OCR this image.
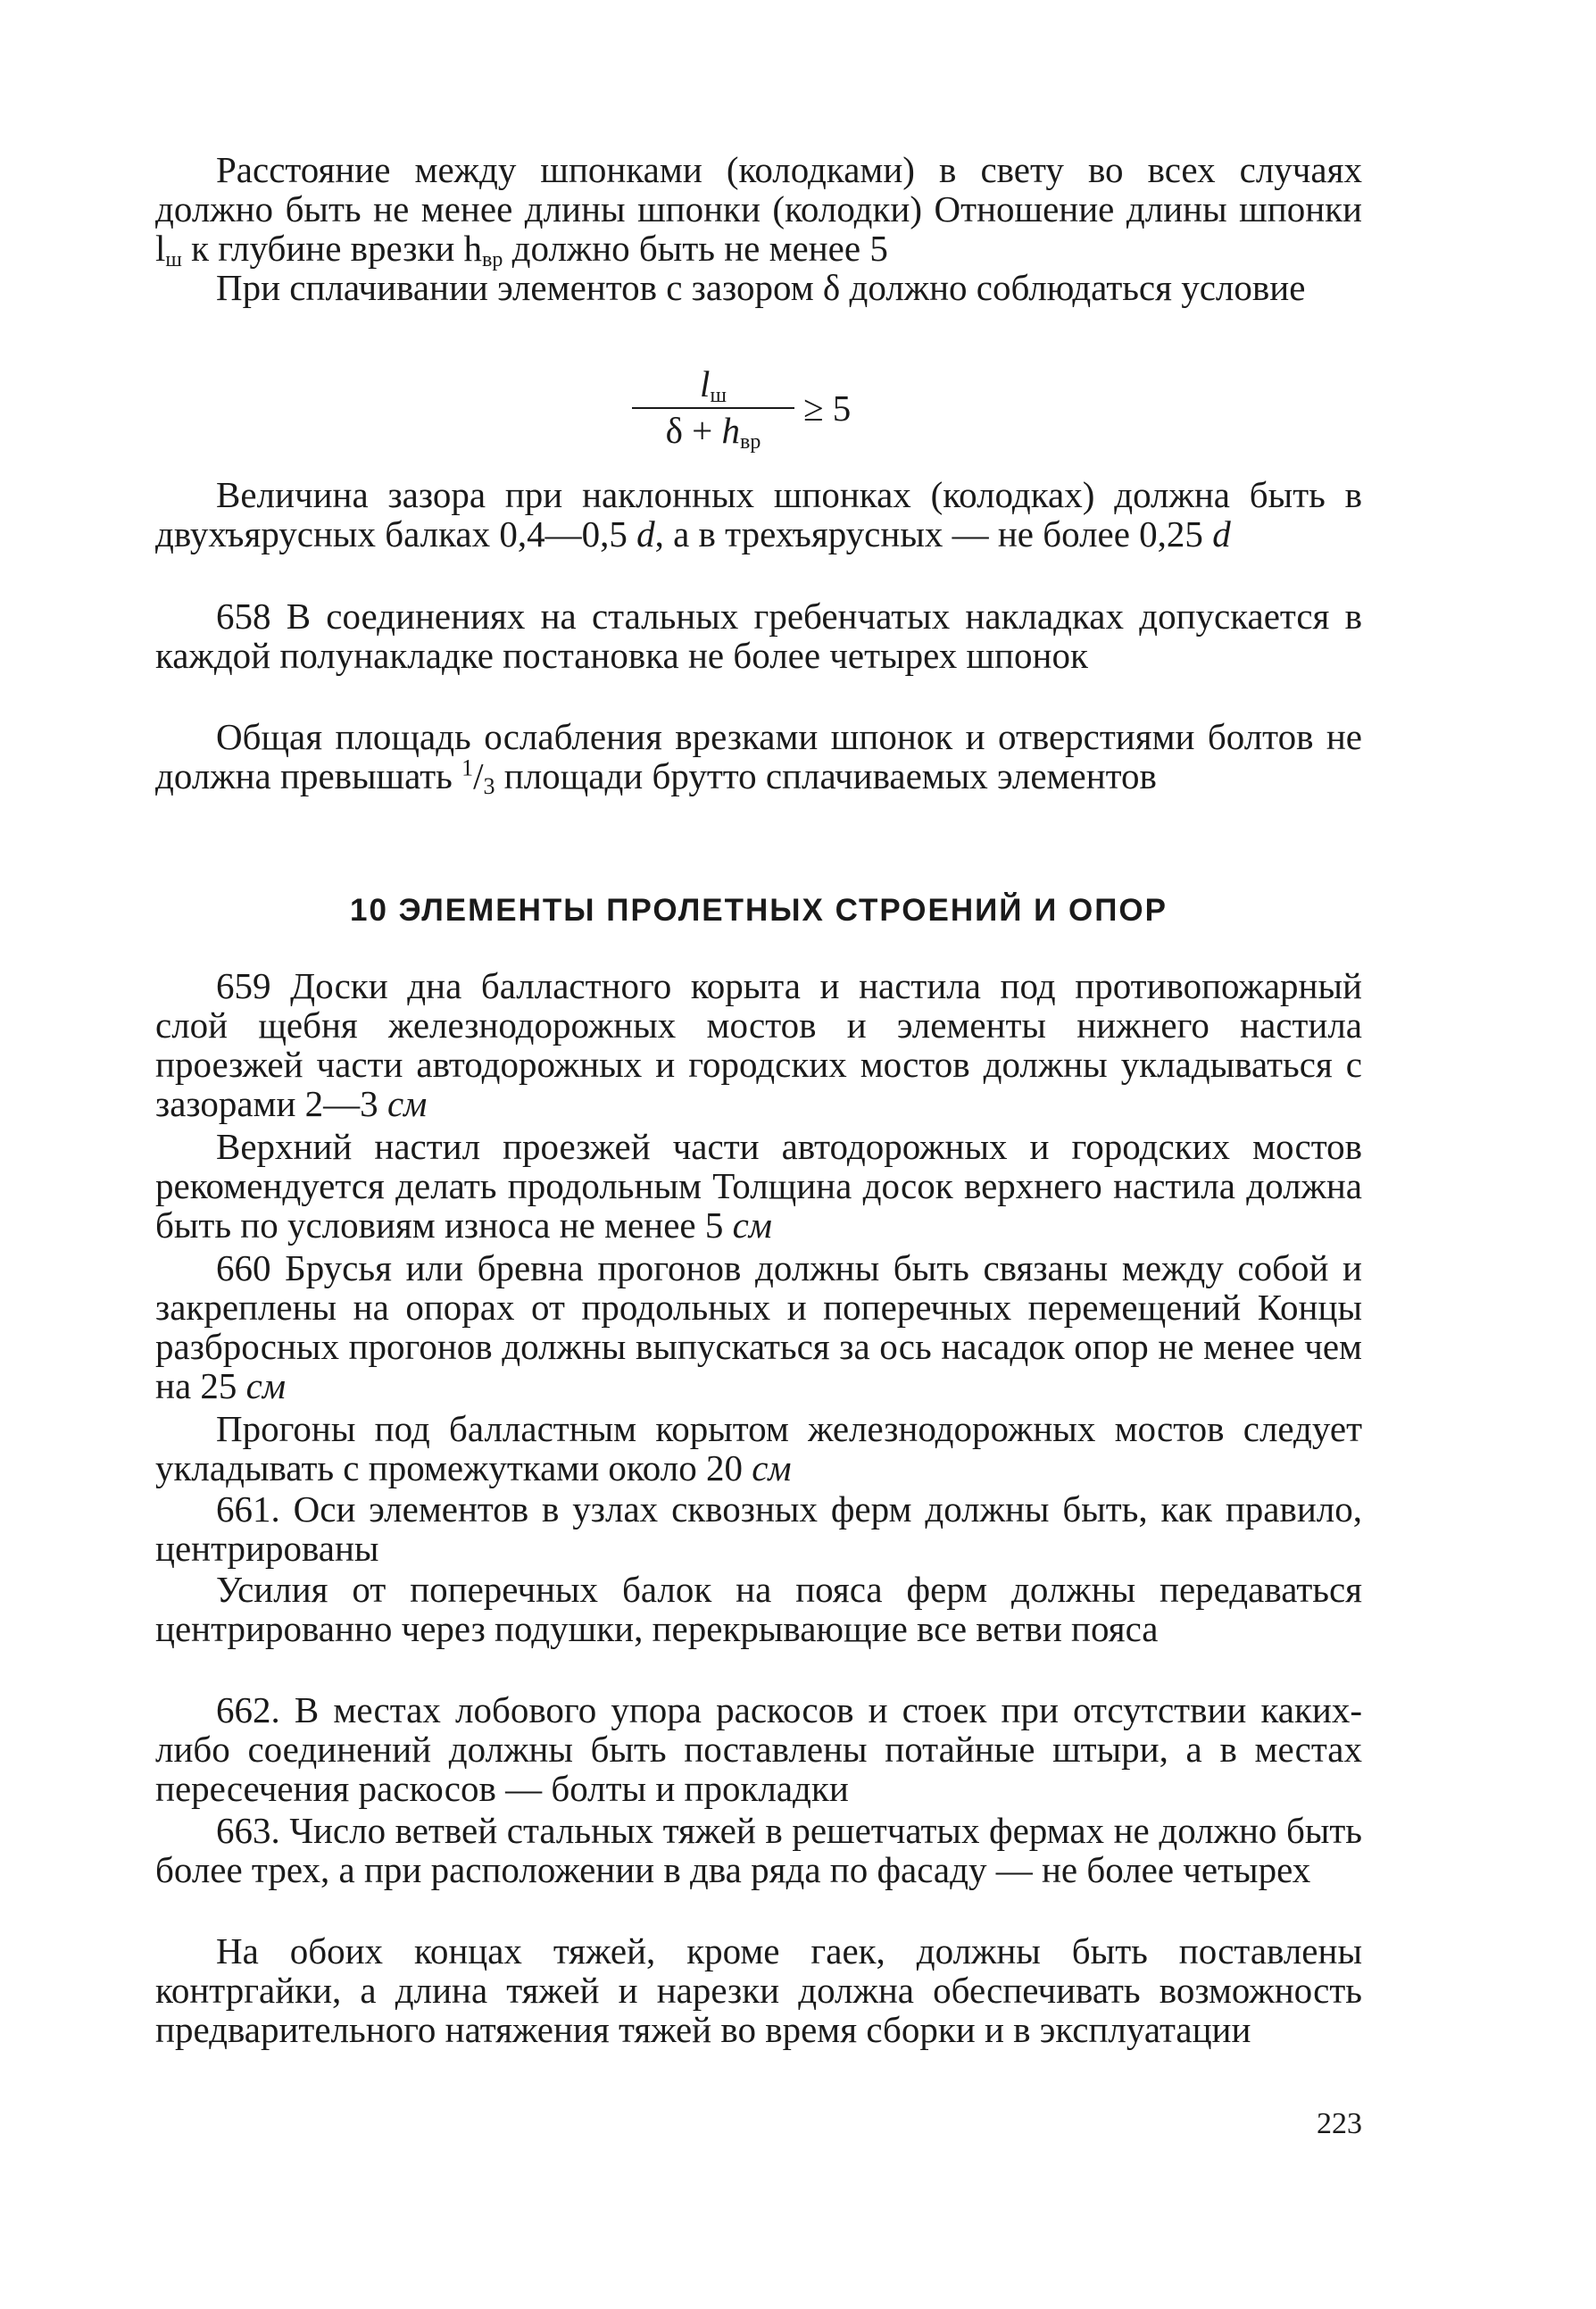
Расстояние между шпонками (колодками) в свету во всех случаях должно быть не менее длины шпонки (колодки) Отношение длины шпонки $l_ш$ к глубине врезки $h_{вр}$ должно быть не менее 5
При сплачивании элементов с зазором δ должно соблюдаться условие
$l_ш$
$\delta + h_{вр}$
≥ 5
Величина зазора при наклонных шпонках (колодках) должна быть в двухъярусных балках 0,4—0,5 d, а в трехъярусных — не более 0,25 d
658 В соединениях на стальных гребенчатых накладках допускается в каждой полунакладке постановка не более четырех шпонок
Общая площадь ослабления врезками шпонок и отверстиями болтов не должна превышать $^1/_3$ площади брутто сплачиваемых элементов
10 ЭЛЕМЕНТЫ ПРОЛЕТНЫХ СТРОЕНИЙ И ОПОР
659 Доски дна балластного корыта и настила под противопожарный слой щебня железнодорожных мостов и элементы нижнего настила проезжей части автодорожных и городских мостов должны укладываться с зазорами 2—3 см
Верхний настил проезжей части автодорожных и городских мостов рекомендуется делать продольным Толщина досок верхнего настила должна быть по условиям износа не менее 5 см
660 Брусья или бревна прогонов должны быть связаны между собой и закреплены на опорах от продольных и поперечных перемещений Концы разбросных прогонов должны выпускаться за ось насадок опор не менее чем на 25 см
Прогоны под балластным корытом железнодорожных мостов следует укладывать с промежутками около 20 см
661. Оси элементов в узлах сквозных ферм должны быть, как правило, центрированы
Усилия от поперечных балок на пояса ферм должны передаваться центрированно через подушки, перекрывающие все ветви пояса
662. В местах лобового упора раскосов и стоек при отсутствии каких-либо соединений должны быть поставлены потайные штыри, а в местах пересечения раскосов — болты и прокладки
663. Число ветвей стальных тяжей в решетчатых фермах не должно быть более трех, а при расположении в два ряда по фасаду — не более четырех
На обоих концах тяжей, кроме гаек, должны быть поставлены контргайки, а длина тяжей и нарезки должна обеспечивать возможность предварительного натяжения тяжей во время сборки и в эксплуатации
223
